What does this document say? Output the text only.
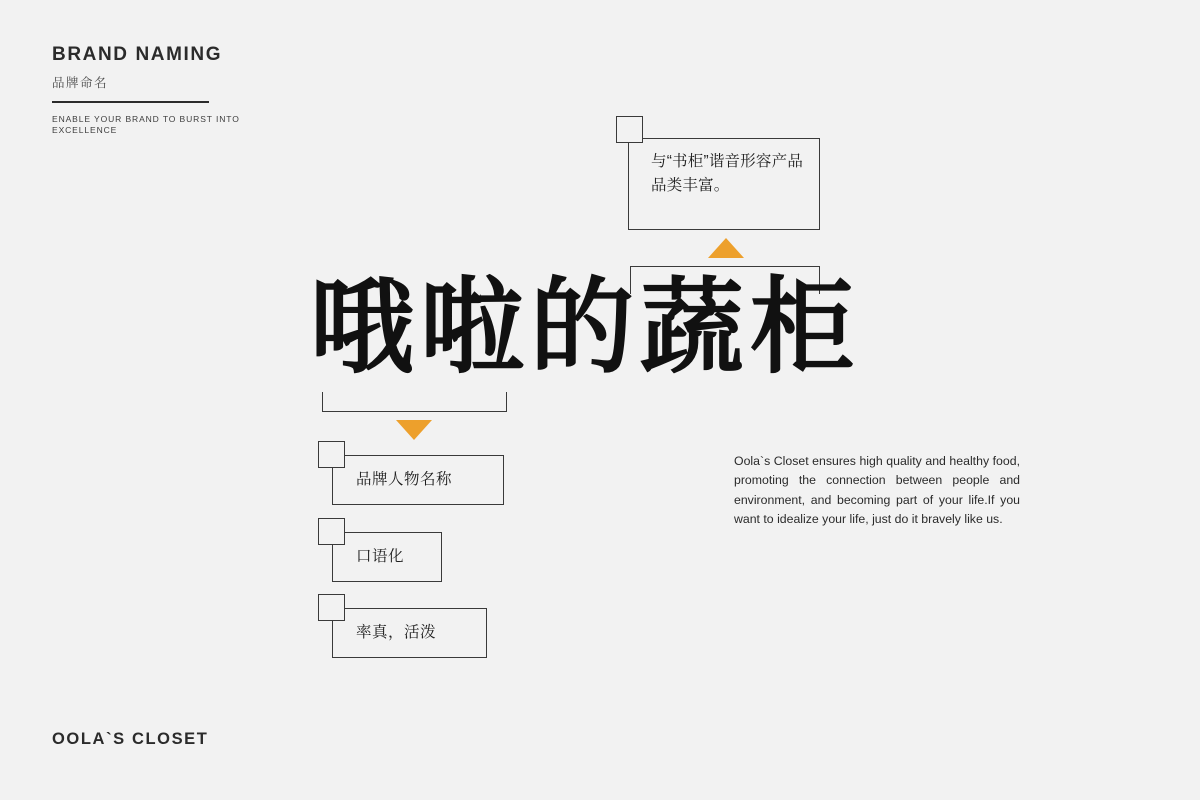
BRAND NAMING
品牌命名
ENABLE YOUR BRAND TO BURST INTO EXCELLENCE
与“书柜”谐音形容产品品类丰富。
哦啦的蔬柜
品牌人物名称
口语化
率真，活泼
Oola`s Closet ensures high quality and healthy food, promoting the connection between people and environment, and becoming part of your life.If you want to idealize your life, just do it bravely like us.
OOLA`S CLOSET
